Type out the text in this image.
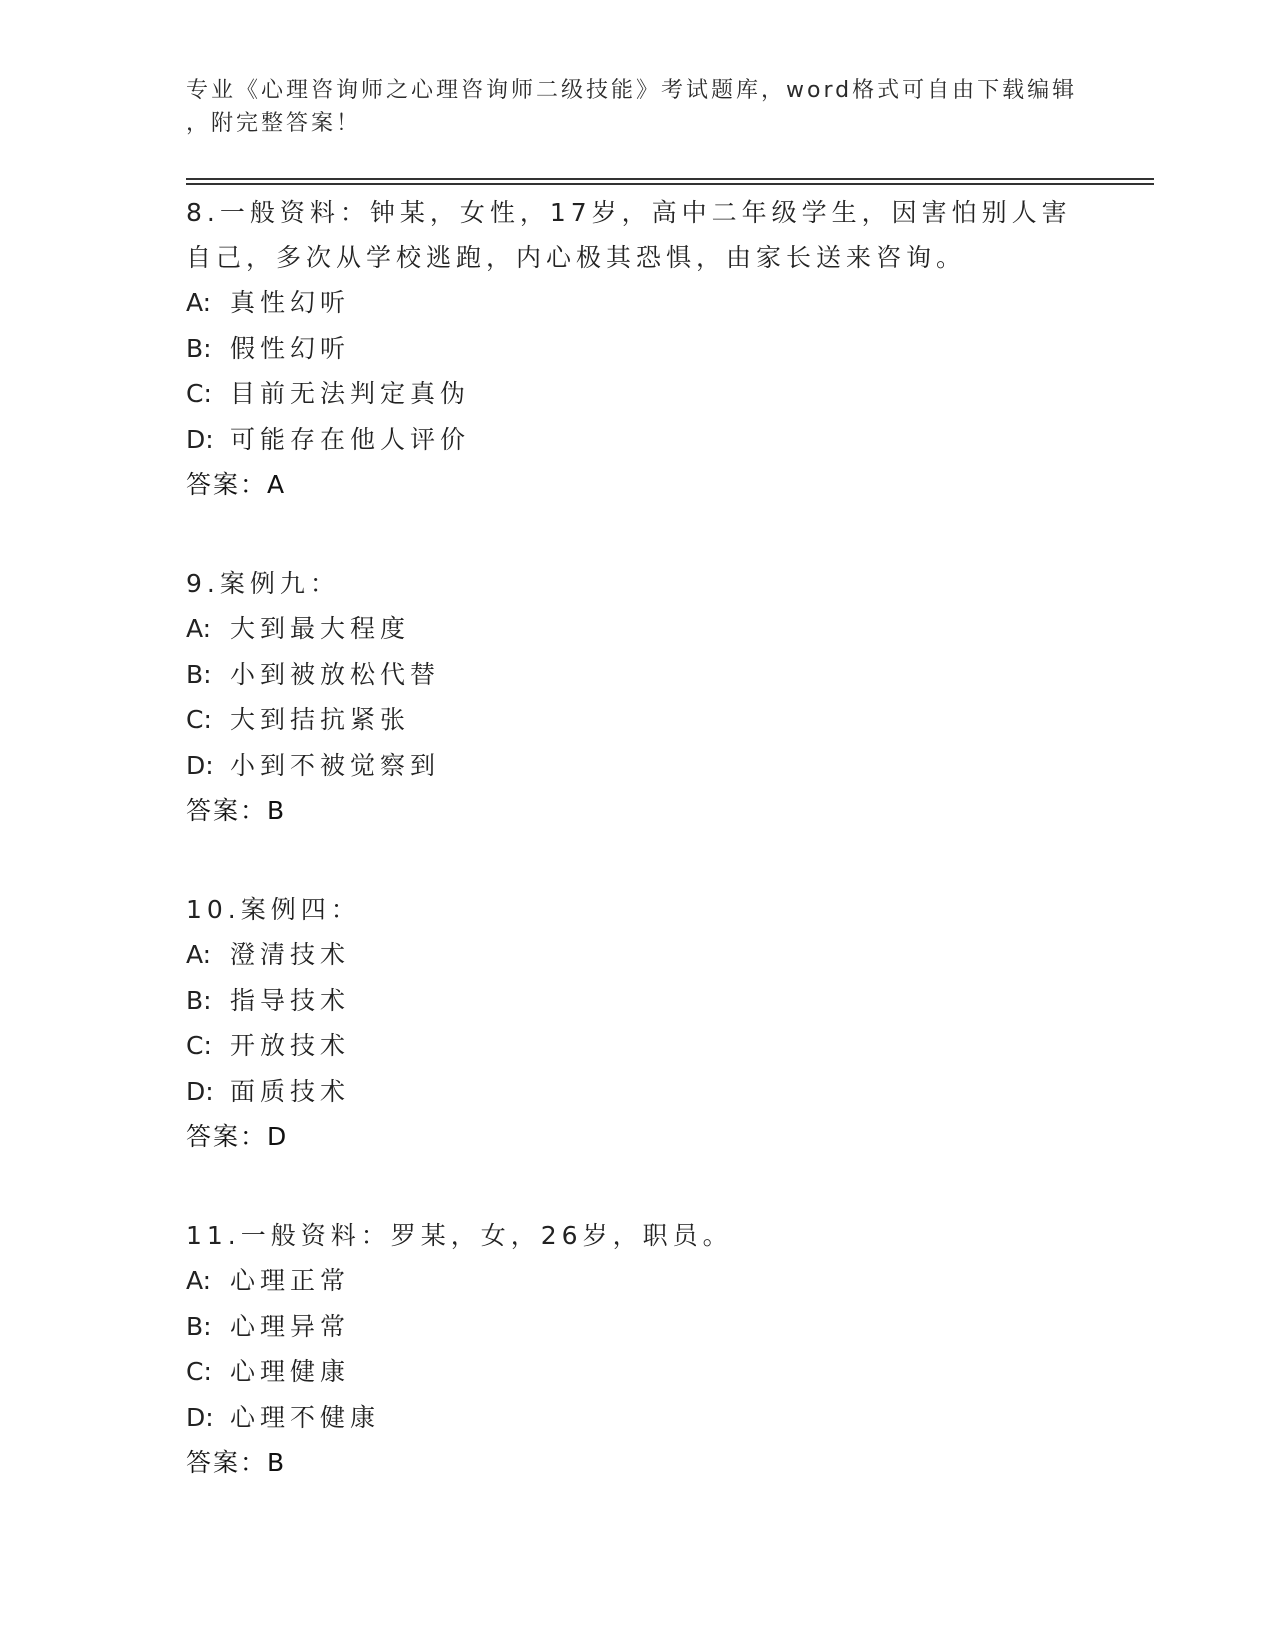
专业《心理咨询师之心理咨询师二级技能》考试题库，word格式可自由下载编辑
，附完整答案！
8.一般资料：钟某，女性，17岁，高中二年级学生，因害怕别人害自己，多次从学校逃跑，内心极其恐惧，由家长送来咨询。
A: 真性幻听
B: 假性幻听
C: 目前无法判定真伪
D: 可能存在他人评价
答案：A
9.案例九：
A: 大到最大程度
B: 小到被放松代替
C: 大到拮抗紧张
D: 小到不被觉察到
答案：B
10.案例四：
A: 澄清技术
B: 指导技术
C: 开放技术
D: 面质技术
答案：D
11.一般资料：罗某，女，26岁，职员。
A: 心理正常
B: 心理异常
C: 心理健康
D: 心理不健康
答案：B
